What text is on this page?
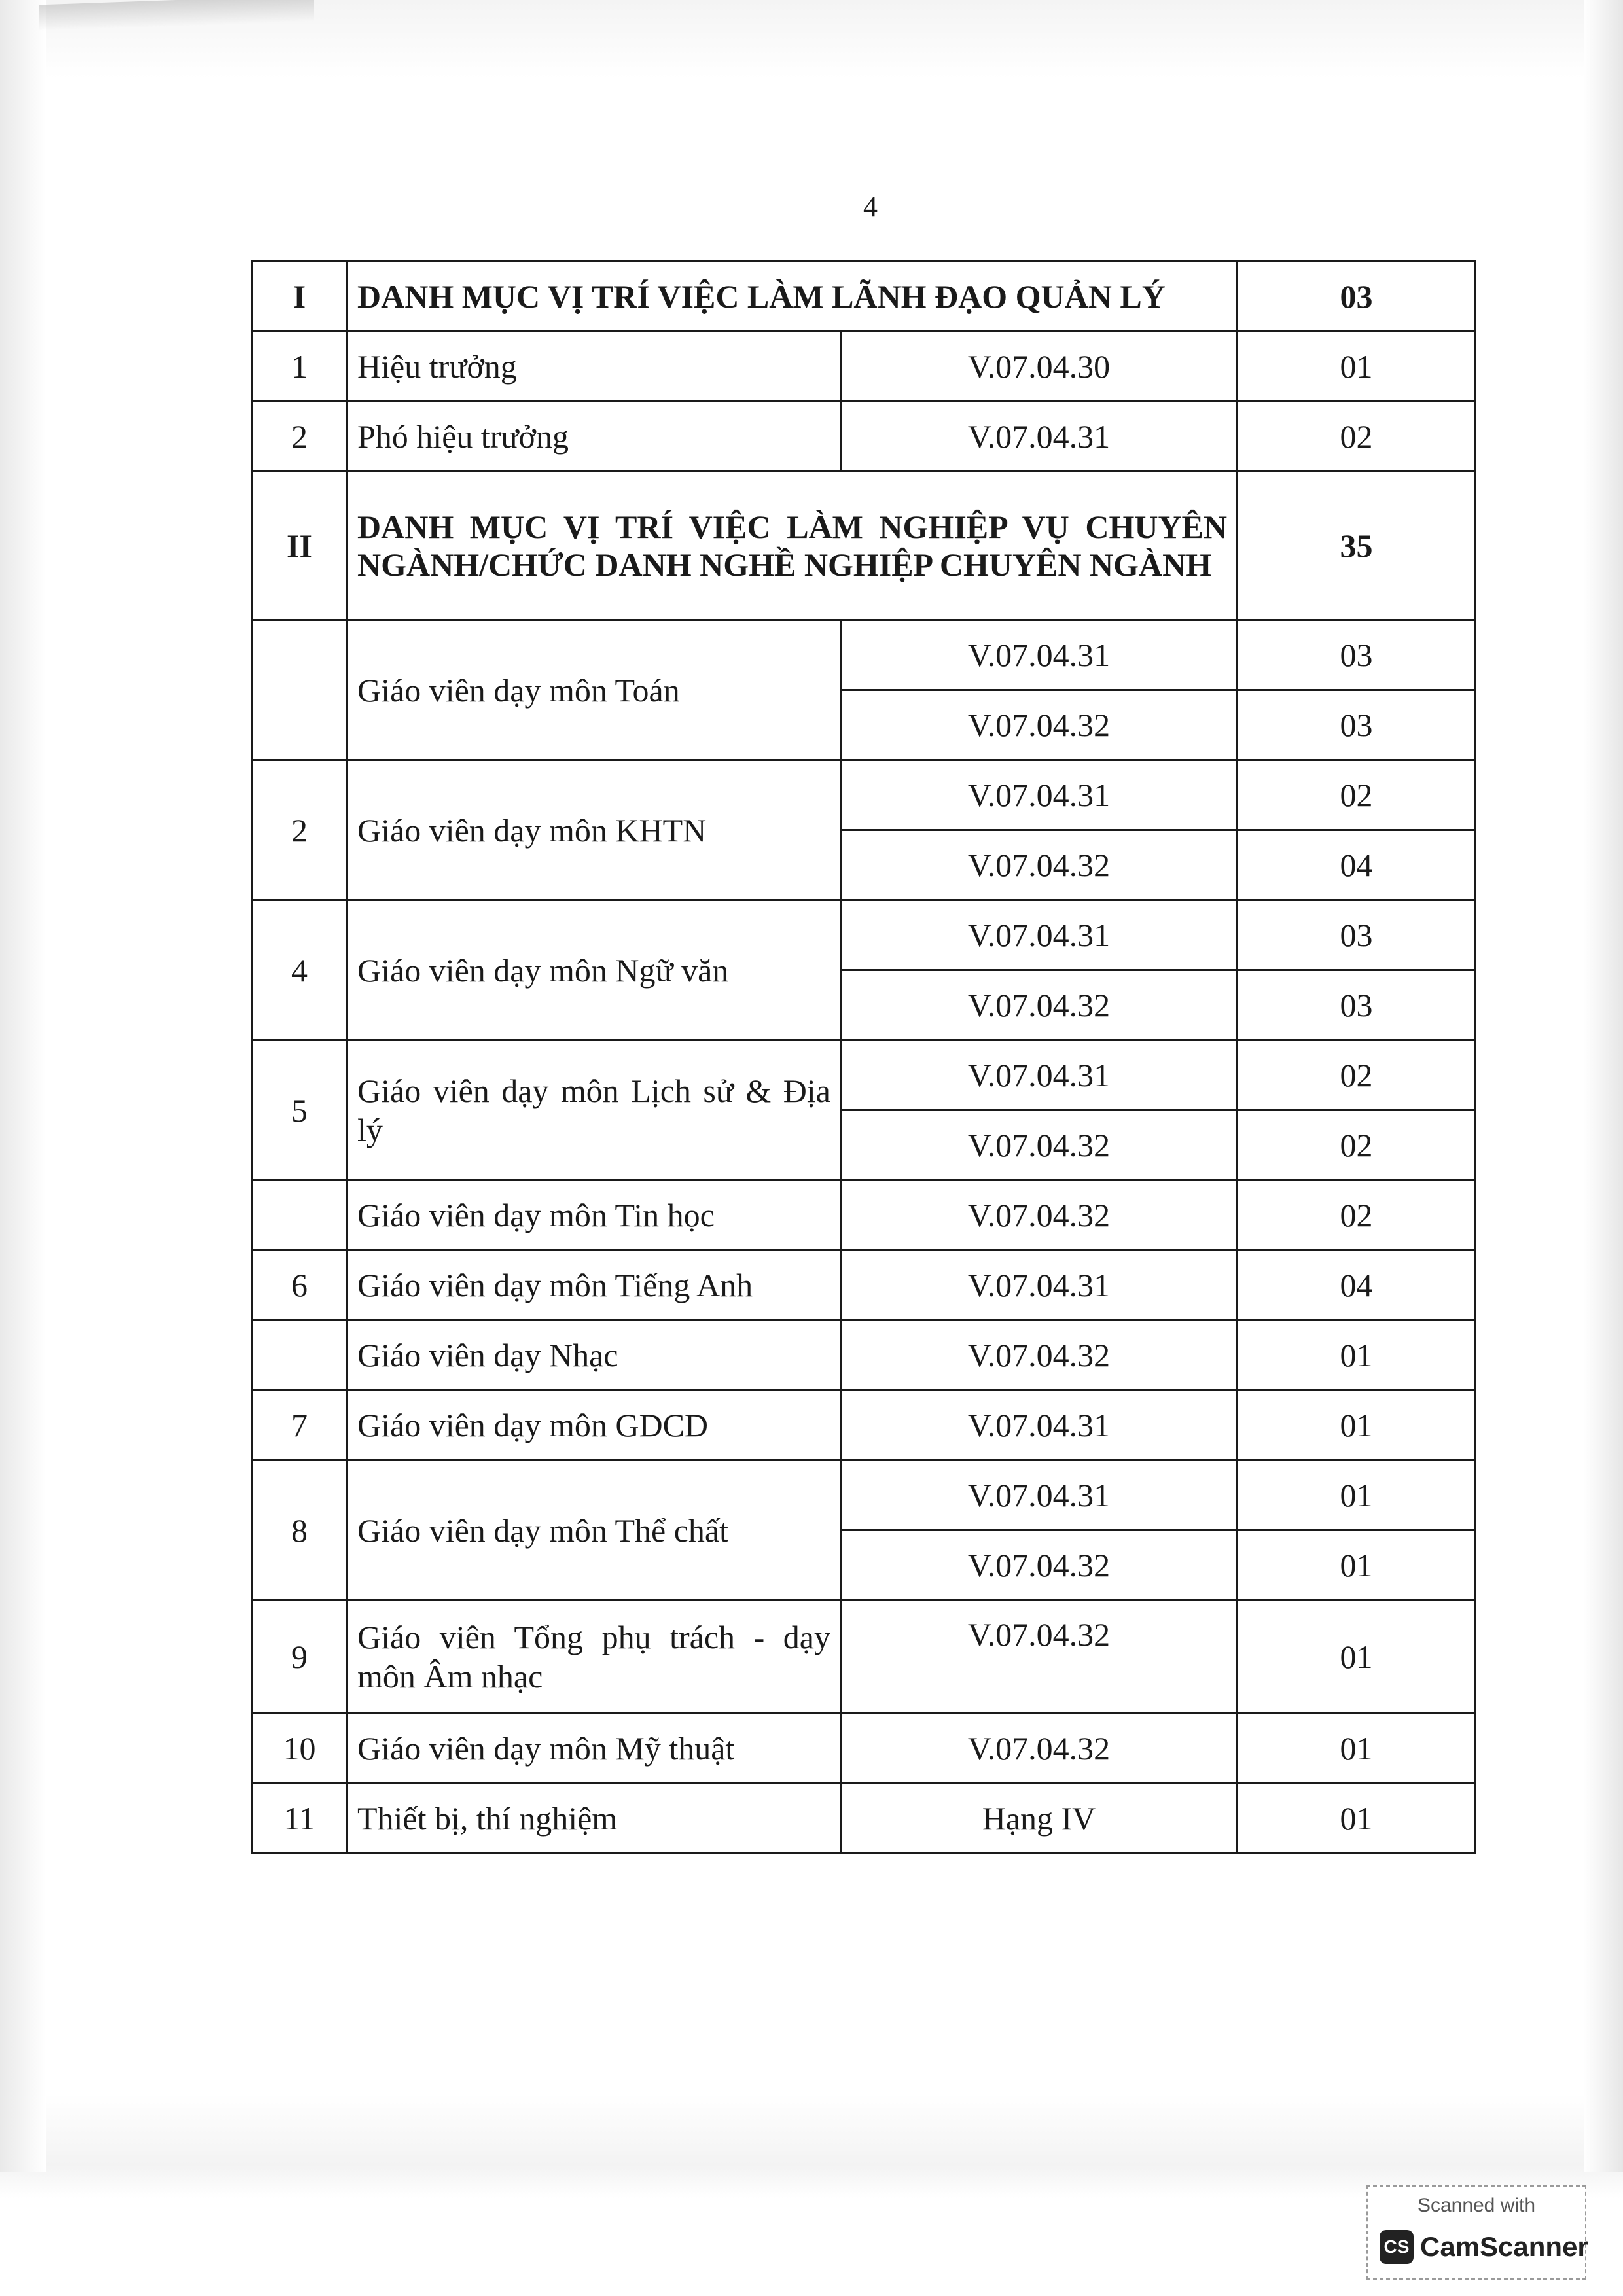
4
I	DANH MỤC VỊ TRÍ VIỆC LÀM LÃNH ĐẠO QUẢN LÝ		03
1	Hiệu trưởng	V.07.04.30	01
2	Phó hiệu trưởng	V.07.04.31	02
II	DANH MỤC VỊ TRÍ VIỆC LÀM NGHIỆP VỤ CHUYÊN NGÀNH/CHỨC DANH NGHỀ NGHIỆP CHUYÊN NGÀNH		35
	Giáo viên dạy môn Toán	V.07.04.31	03
		V.07.04.32	03
2	Giáo viên dạy môn KHTN	V.07.04.31	02
		V.07.04.32	04
4	Giáo viên dạy môn Ngữ văn	V.07.04.31	03
		V.07.04.32	03
5	Giáo viên dạy môn Lịch sử & Địa lý	V.07.04.31	02
		V.07.04.32	02
	Giáo viên dạy môn Tin học	V.07.04.32	02
6	Giáo viên dạy môn Tiếng Anh	V.07.04.31	04
	Giáo viên dạy Nhạc	V.07.04.32	01
7	Giáo viên dạy môn GDCD	V.07.04.31	01
8	Giáo viên dạy môn Thể chất	V.07.04.31	01
		V.07.04.32	01
9	Giáo viên Tổng phụ trách - dạy môn Âm nhạc	V.07.04.32	01
10	Giáo viên dạy môn Mỹ thuật	V.07.04.32	01
11	Thiết bị, thí nghiệm	Hạng IV	01
Scanned with
CS CamScanner
